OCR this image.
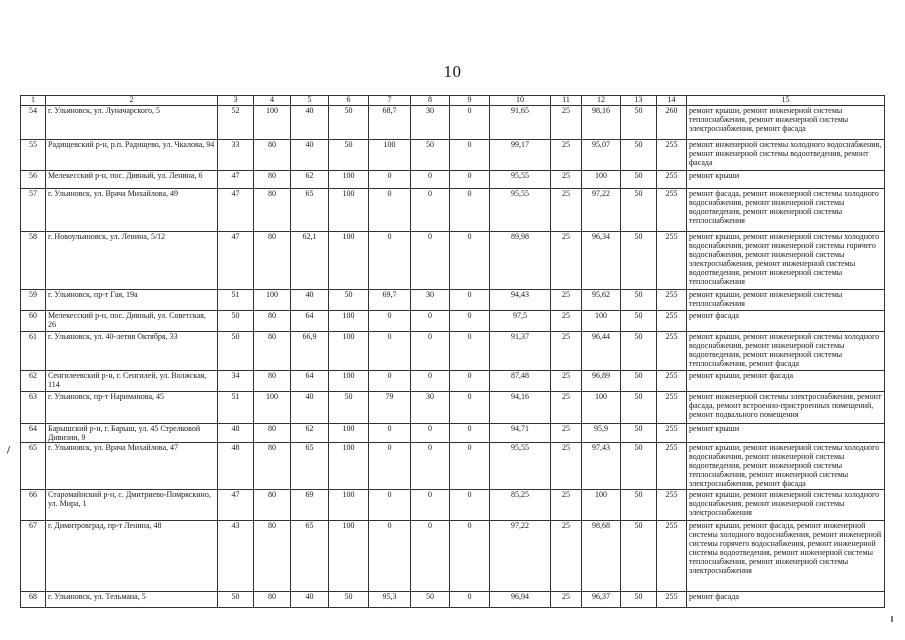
10
1	2	3	4	5	6	7	8	9	10	11	12	13	14	15
54	г. Ульяновск, ул. Луначарского, 5	52	100	40	50	68,7	30	0	91,65	25	98,16	50	260	ремонт крыши, ремонт инженерной системы теплоснабжения, ремонт инженерной системы электроснабжения, ремонт фасада
55	Радищевский р-н, р.п. Радищево, ул. Чкалова, 94	33	80	40	50	100	50	0	99,17	25	95,07	50	255	ремонт инженерной системы холодного водоснабжения, ремонт инженерной системы водоотведения, ремонт фасада
56	Мелекесский р-н, пос. Дивный, ул. Ленина, 6	47	80	62	100	0	0	0	95,55	25	100	50	255	ремонт крыши
57	г. Ульяновск, ул. Врача Михайлова, 49	47	80	65	100	0	0	0	95,55	25	97,22	50	255	ремонт фасада, ремонт инженерной системы холодного водоснабжения, ремонт инженерной системы водоотведения, ремонт инженерной системы теплоснабжения
58	г. Новоульяновск, ул. Ленина, 5/12	47	80	62,1	100	0	0	0	89,98	25	96,34	50	255	ремонт крыши, ремонт инженерной системы холодного водоснабжения, ремонт инженерной системы горячего водоснабжения, ремонт инженерной системы электроснабжения, ремонт инженерной системы водоотведения, ремонт инженерной системы теплоснабжения
59	г. Ульяновск, пр-т Гая, 19а	51	100	40	50	69,7	30	0	94,43	25	95,62	50	255	ремонт крыши, ремонт инженерной системы теплоснабжения
60	Мелекесский р-н, пос. Дивный, ул. Советская, 26	50	80	64	100	0	0	0	97,5	25	100	50	255	ремонт фасада
61	г. Ульяновск, ул. 40-летия Октября, 33	50	80	66,9	100	0	0	0	91,37	25	96,44	50	255	ремонт крыши, ремонт инженерной системы холодного водоснабжения, ремонт инженерной системы водоотведения, ремонт инженерной системы теплоснабжения, ремонт фасада
62	Сенгилеевский р-н, г. Сенгилей, ул. Волжская, 114	34	80	64	100	0	0	0	87,48	25	96,89	50	255	ремонт крыши, ремонт фасада
63	г. Ульяновск, пр-т Нариманова, 45	51	100	40	50	79	30	0	94,16	25	100	50	255	ремонт инженерной системы электроснабжения, ремонт фасада, ремонт встроенно-пристроенных помещений, ремонт подвального помещения
64	Барышский р-н, г. Барыш, ул. 45 Стрелковой Дивизии, 9	48	80	62	100	0	0	0	94,71	25	95,9	50	255	ремонт крыши
65	г. Ульяновск, ул. Врача Михайлова, 47	48	80	65	100	0	0	0	95,55	25	97,43	50	255	ремонт крыши, ремонт инженерной системы холодного водоснабжения, ремонт инженерной системы водоотведения, ремонт инженерной системы теплоснабжения, ремонт инженерной системы электроснабжения, ремонт фасада
66	Старомайнский р-н, с. Дмитриево-Помряскино, ул. Мира, 1	47	80	69	100	0	0	0	85,25	25	100	50	255	ремонт крыши, ремонт инженерной системы холодного водоснабжения, ремонт инженерной системы электроснабжения
67	г. Димитровград, пр-т Ленина, 48	43	80	65	100	0	0	0	97,22	25	98,68	50	255	ремонт крыши, ремонт фасада, ремонт инженерной системы холодного водоснабжения, ремонт инженерной системы горячего водоснабжения, ремонт инженерной системы водоотведения, ремонт инженерной системы теплоснабжения, ремонт инженерной системы электроснабжения
68	г. Ульяновск, ул. Тельмана, 5	50	80	40	50	95,3	50	0	96,94	25	96,37	50	255	ремонт фасада
